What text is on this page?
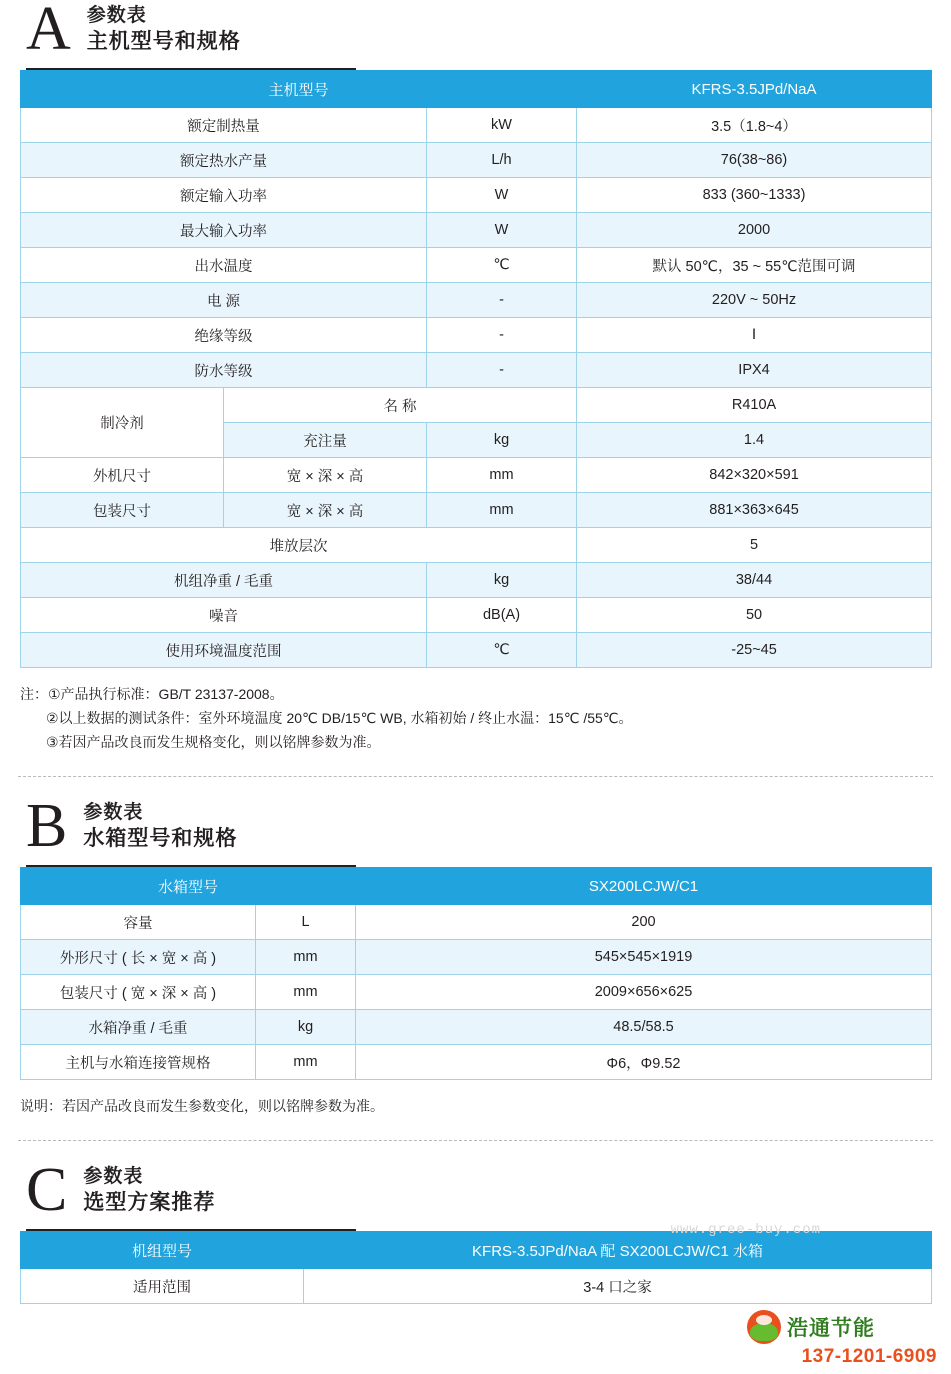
A 参数表
主机型号和规格
主机型号			KFRS-3.5JPd/NaA
额定制热量		kW	3.5（1.8~4）
额定热水产量		L/h	76(38~86)
额定输入功率		W	833 (360~1333)
最大输入功率		W	2000
出水温度		℃	默认 50℃，35 ~ 55℃范围可调
电 源		-	220V ~ 50Hz
绝缘等级		-	Ⅰ
防水等级		-	IPX4
制冷剂	名 称		R410A
	充注量	kg	1.4
外机尺寸	宽 × 深 × 高	mm	842×320×591
包装尺寸	宽 × 深 × 高	mm	881×363×645
堆放层次			5
机组净重 / 毛重		kg	38/44
噪音		dB(A)	50
使用环境温度范围		℃	-25~45
注：①产品执行标准：GB/T 23137-2008。
②以上数据的测试条件：室外环境温度 20℃ DB/15℃ WB, 水箱初始 / 终止水温：15℃ /55℃。
③若因产品改良而发生规格变化，则以铭牌参数为准。
B 参数表
水箱型号和规格
水箱型号		SX200LCJW/C1
容量	L	200
外形尺寸 ( 长 × 宽 × 高 )	mm	545×545×1919
包装尺寸 ( 宽 × 深 × 高 )	mm	2009×656×625
水箱净重 / 毛重	kg	48.5/58.5
主机与水箱连接管规格	mm	Φ6，Φ9.52
说明：若因产品改良而发生参数变化，则以铭牌参数为准。
C 参数表
选型方案推荐
www.gree-buy.com
机组型号	KFRS-3.5JPd/NaA 配 SX200LCJW/C1 水箱
适用范围	3-4 口之家
浩通节能
137-1201-6909
